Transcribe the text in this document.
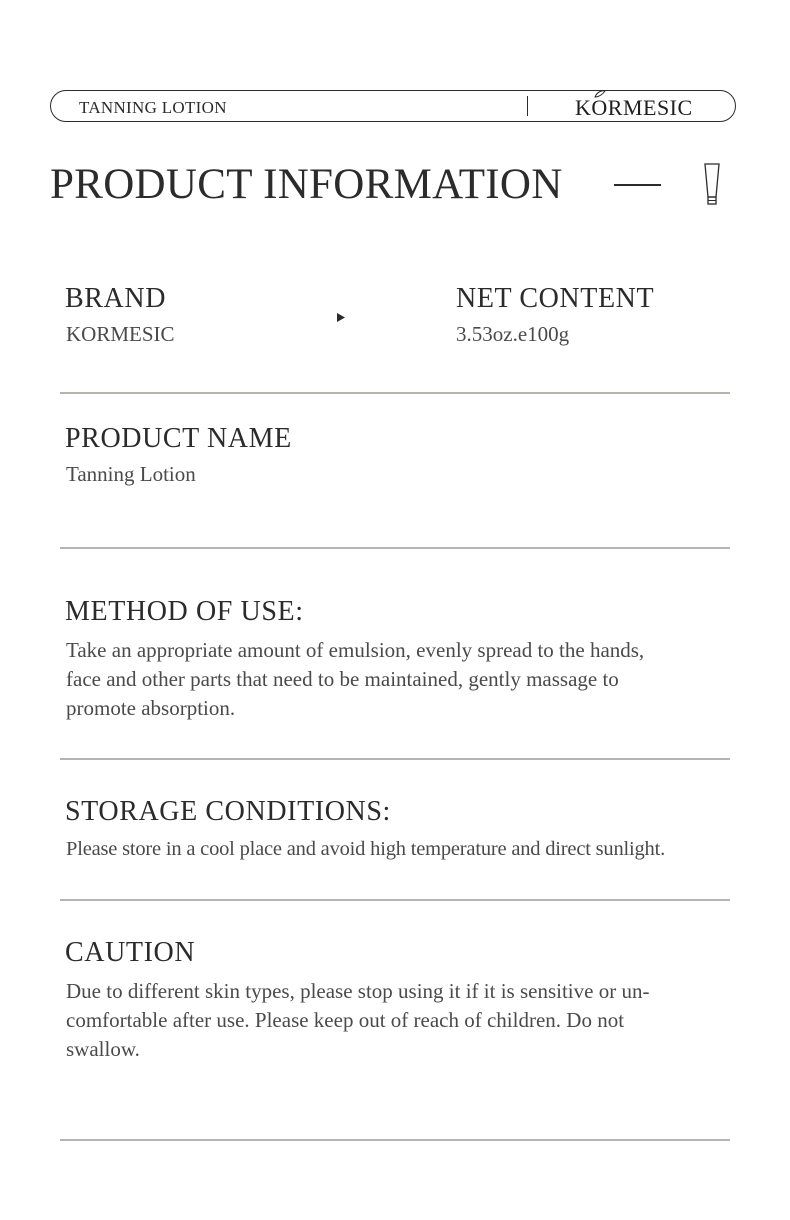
TANNING LOTION	KORMESIC
PRODUCT INFORMATION
BRAND
KORMESIC
NET CONTENT
3.53oz.e100g
PRODUCT NAME
Tanning Lotion
METHOD OF USE:
Take an appropriate amount of emulsion, evenly spread to the hands,
face and other parts that need to be maintained, gently massage to
promote absorption.
STORAGE CONDITIONS:
Please store in a cool place and avoid high temperature and direct sunlight.
CAUTION
Due to different skin types, please stop using it if it is sensitive or un-
comfortable after use. Please keep out of reach of children. Do not
swallow.
